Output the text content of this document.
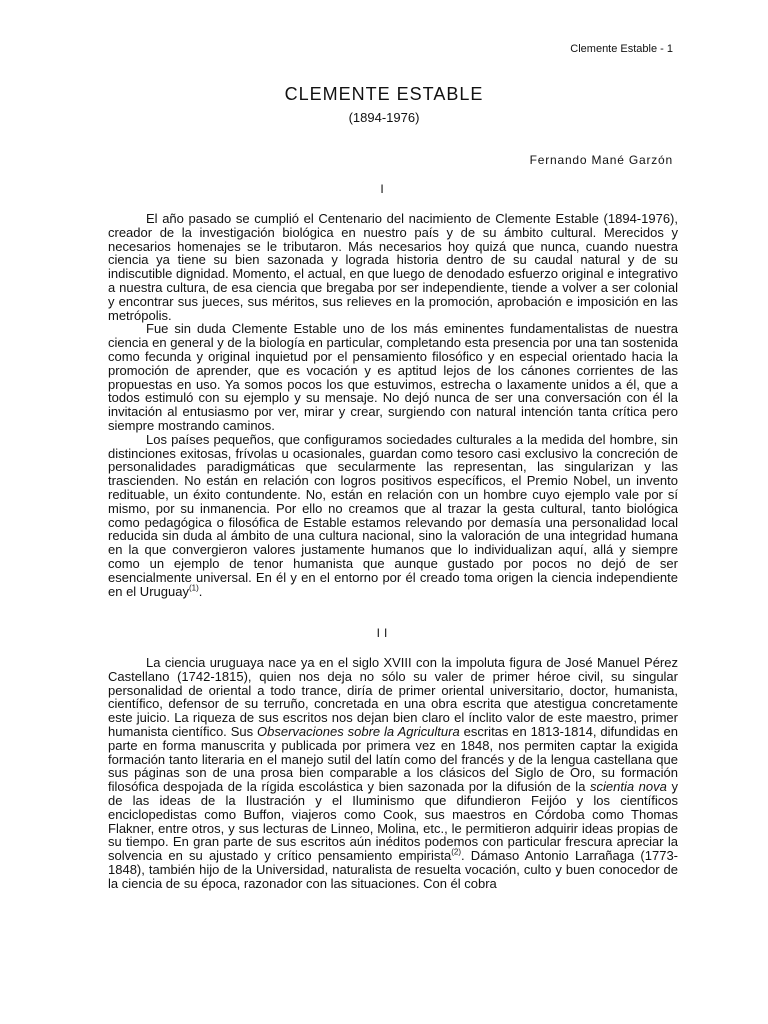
Clemente Estable - 1
CLEMENTE ESTABLE
(1894-1976)
Fernando Mané Garzón
I

El año pasado se cumplió el Centenario del nacimiento de Clemente Estable (1894-1976), creador de la investigación biológica en nuestro país y de su ámbito cultural. Merecidos y necesarios homenajes se le tributaron. Más necesarios hoy quizá que nunca, cuando nuestra ciencia ya tiene su bien sazonada y lograda historia dentro de su caudal natural y de su indiscutible dignidad. Momento, el actual, en que luego de denodado esfuerzo original e integrativo a nuestra cultura, de esa ciencia que bregaba por ser independiente, tiende a volver a ser colonial y encontrar sus jueces, sus méritos, sus relieves en la promoción, aprobación e imposición en las metrópolis.

Fue sin duda Clemente Estable uno de los más eminentes fundamentalistas de nuestra ciencia en general y de la biología en particular, completando esta presencia por una tan sostenida como fecunda y original inquietud por el pensamiento filosófico y en especial orientado hacia la promoción de aprender, que es vocación y es aptitud lejos de los cánones corrientes de las propuestas en uso. Ya somos pocos los que estuvimos, estrecha o laxamente unidos a él, que a todos estimuló con su ejemplo y su mensaje. No dejó nunca de ser una conversación con él la invitación al entusiasmo por ver, mirar y crear, surgiendo con natural intención tanta crítica pero siempre mostrando caminos.

Los países pequeños, que configuramos sociedades culturales a la medida del hombre, sin distinciones exitosas, frívolas u ocasionales, guardan como tesoro casi exclusivo la concreción de personalidades paradigmáticas que secularmente las representan, las singularizan y las trascienden. No están en relación con logros positivos específicos, el Premio Nobel, un invento redituable, un éxito contundente. No, están en relación con un hombre cuyo ejemplo vale por sí mismo, por su inmanencia. Por ello no creamos que al trazar la gesta cultural, tanto biológica como pedagógica o filosófica de Estable estamos relevando por demasía una personalidad local reducida sin duda al ámbito de una cultura nacional, sino la valoración de una integridad humana en la que convergieron valores justamente humanos que lo individualizan aquí, allá y siempre como un ejemplo de tenor humanista que aunque gustado por pocos no dejó de ser esencialmente universal. En él y en el entorno por él creado toma origen la ciencia independiente en el Uruguay$^{(1)}$.

II

La ciencia uruguaya nace ya en el siglo XVIII con la impoluta figura de José Manuel Pérez Castellano (1742-1815), quien nos deja no sólo su valer de primer héroe civil, su singular personalidad de oriental a todo trance, diría de primer oriental universitario, doctor, humanista, científico, defensor de su terruño, concretada en una obra escrita que atestigua concretamente este juicio. La riqueza de sus escritos nos dejan bien claro el ínclito valor de este maestro, primer humanista científico. Sus Observaciones sobre la Agricultura escritas en 1813-1814, difundidas en parte en forma manuscrita y publicada por primera vez en 1848, nos permiten captar la exigida formación tanto literaria en el manejo sutil del latín como del francés y de la lengua castellana que sus páginas son de una prosa bien comparable a los clásicos del Siglo de Oro, su formación filosófica despojada de la rígida escolástica y bien sazonada por la difusión de la scientia nova y de las ideas de la Ilustración y el Iluminismo que difundieron Feijóo y los científicos enciclopedistas como Buffon, viajeros como Cook, sus maestros en Córdoba como Thomas Flakner, entre otros, y sus lecturas de Linneo, Molina, etc., le permitieron adquirir ideas propias de su tiempo. En gran parte de sus escritos aún inéditos podemos con particular frescura apreciar la solvencia en su ajustado y crítico pensamiento empirista$^{(2)}$. Dámaso Antonio Larrañaga (1773-1848), también hijo de la Universidad, naturalista de resuelta vocación, culto y buen conocedor de la ciencia de su época, razonador con las situaciones. Con él cobra
